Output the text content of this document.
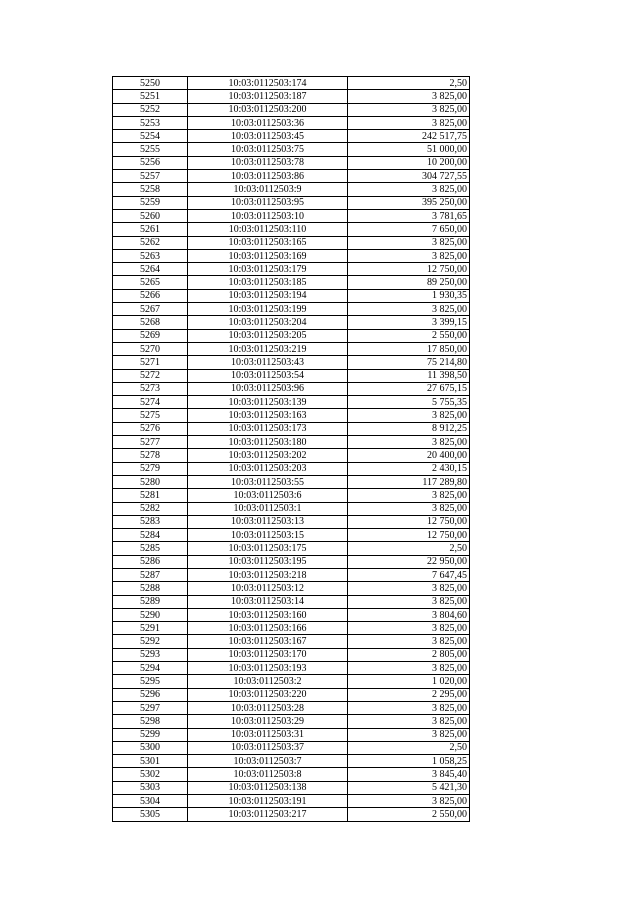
5250	10:03:0112503:174	2,50
5251	10:03:0112503:187	3 825,00
5252	10:03:0112503:200	3 825,00
5253	10:03:0112503:36	3 825,00
5254	10:03:0112503:45	242 517,75
5255	10:03:0112503:75	51 000,00
5256	10:03:0112503:78	10 200,00
5257	10:03:0112503:86	304 727,55
5258	10:03:0112503:9	3 825,00
5259	10:03:0112503:95	395 250,00
5260	10:03:0112503:10	3 781,65
5261	10:03:0112503:110	7 650,00
5262	10:03:0112503:165	3 825,00
5263	10:03:0112503:169	3 825,00
5264	10:03:0112503:179	12 750,00
5265	10:03:0112503:185	89 250,00
5266	10:03:0112503:194	1 930,35
5267	10:03:0112503:199	3 825,00
5268	10:03:0112503:204	3 399,15
5269	10:03:0112503:205	2 550,00
5270	10:03:0112503:219	17 850,00
5271	10:03:0112503:43	75 214,80
5272	10:03:0112503:54	11 398,50
5273	10:03:0112503:96	27 675,15
5274	10:03:0112503:139	5 755,35
5275	10:03:0112503:163	3 825,00
5276	10:03:0112503:173	8 912,25
5277	10:03:0112503:180	3 825,00
5278	10:03:0112503:202	20 400,00
5279	10:03:0112503:203	2 430,15
5280	10:03:0112503:55	117 289,80
5281	10:03:0112503:6	3 825,00
5282	10:03:0112503:1	3 825,00
5283	10:03:0112503:13	12 750,00
5284	10:03:0112503:15	12 750,00
5285	10:03:0112503:175	2,50
5286	10:03:0112503:195	22 950,00
5287	10:03:0112503:218	7 647,45
5288	10:03:0112503:12	3 825,00
5289	10:03:0112503:14	3 825,00
5290	10:03:0112503:160	3 804,60
5291	10:03:0112503:166	3 825,00
5292	10:03:0112503:167	3 825,00
5293	10:03:0112503:170	2 805,00
5294	10:03:0112503:193	3 825,00
5295	10:03:0112503:2	1 020,00
5296	10:03:0112503:220	2 295,00
5297	10:03:0112503:28	3 825,00
5298	10:03:0112503:29	3 825,00
5299	10:03:0112503:31	3 825,00
5300	10:03:0112503:37	2,50
5301	10:03:0112503:7	1 058,25
5302	10:03:0112503:8	3 845,40
5303	10:03:0112503:138	5 421,30
5304	10:03:0112503:191	3 825,00
5305	10:03:0112503:217	2 550,00
